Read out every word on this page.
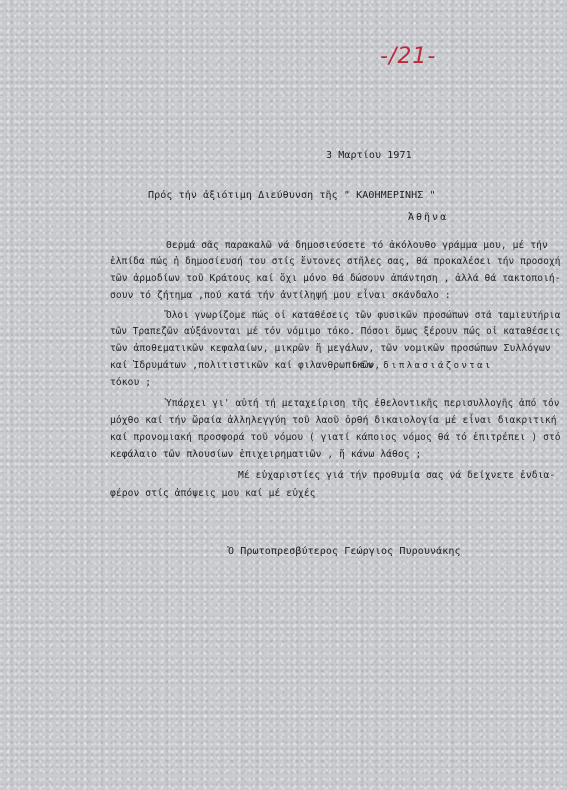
-/21-
3 Μαρτίου 1971
Πρός τήν ἀξιότιμη Διεύθυνση τῆς " ΚΑΘΗΜΕΡΙΝΗΣ "
Ἀθῆνα
Θερμά σᾶς παρακαλῶ νά δημοσιεύσετε τό ἀκόλουθο γράμμα μου, μέ τήν
ἐλπίδα πώς ἡ δημοσίευσή του στίς ἔντονες στῆλες σας, θά προκαλέσει τήν προσοχή
τῶν ἁρμοδίων τοῦ Κράτους καί ὄχι μόνο θά δώσουν ἀπάντηση , ἀλλά θά τακτοποιή-
σουν τό ζήτημα ,πού κατά τήν ἀντίληψή μου εἶναι σκάνδαλο :
Ὅλοι γνωρίζομε πώς οἱ καταθέσεις τῶν φυσικῶν προσώπων στά ταμιευτήρια
τῶν Τραπεζῶν αὐξάνονται μέ τόν νόμιμο τόκο. Πόσοι ὅμως ξέρουν πώς οἱ καταθέσεις
τῶν ἀποθεματικῶν κεφαλαίων, μικρῶν ἤ μεγάλων, τῶν νομικῶν προσώπων Συλλόγων
καί Ἱδρυμάτων ,πολιτιστικῶν καί φιλανθρωπικῶν,
δέν διπλασιάζονται
τόκου ;
Ὑπάρχει γι' αὐτή τή μεταχείριση τῆς ἐθελοντικῆς περισυλλογῆς ἀπό τόν
μόχθο καί τήν ὥραία ἀλληλεγγύη τοῦ λαοῦ ὀρθή δικαιολογία μέ εἶναι διακριτική
καί προνομιακή προσφορά τοῦ νόμου ( γιατί κάποιος νόμος θά τό ἐπιτρέπει ) στό
κεφάλαιο τῶν πλουσίων ἐπιχειρηματιῶν , ἤ κάνω λάθος ;
Μέ εὐχαριστίες γιά τήν προθυμία σας νά δείχνετε ἐνδια-
φέρον στίς ἀπόψεις μου καί μέ εὐχές
Ὁ Πρωτοπρεσβύτερος Γεώργιος Πυρουνάκης
